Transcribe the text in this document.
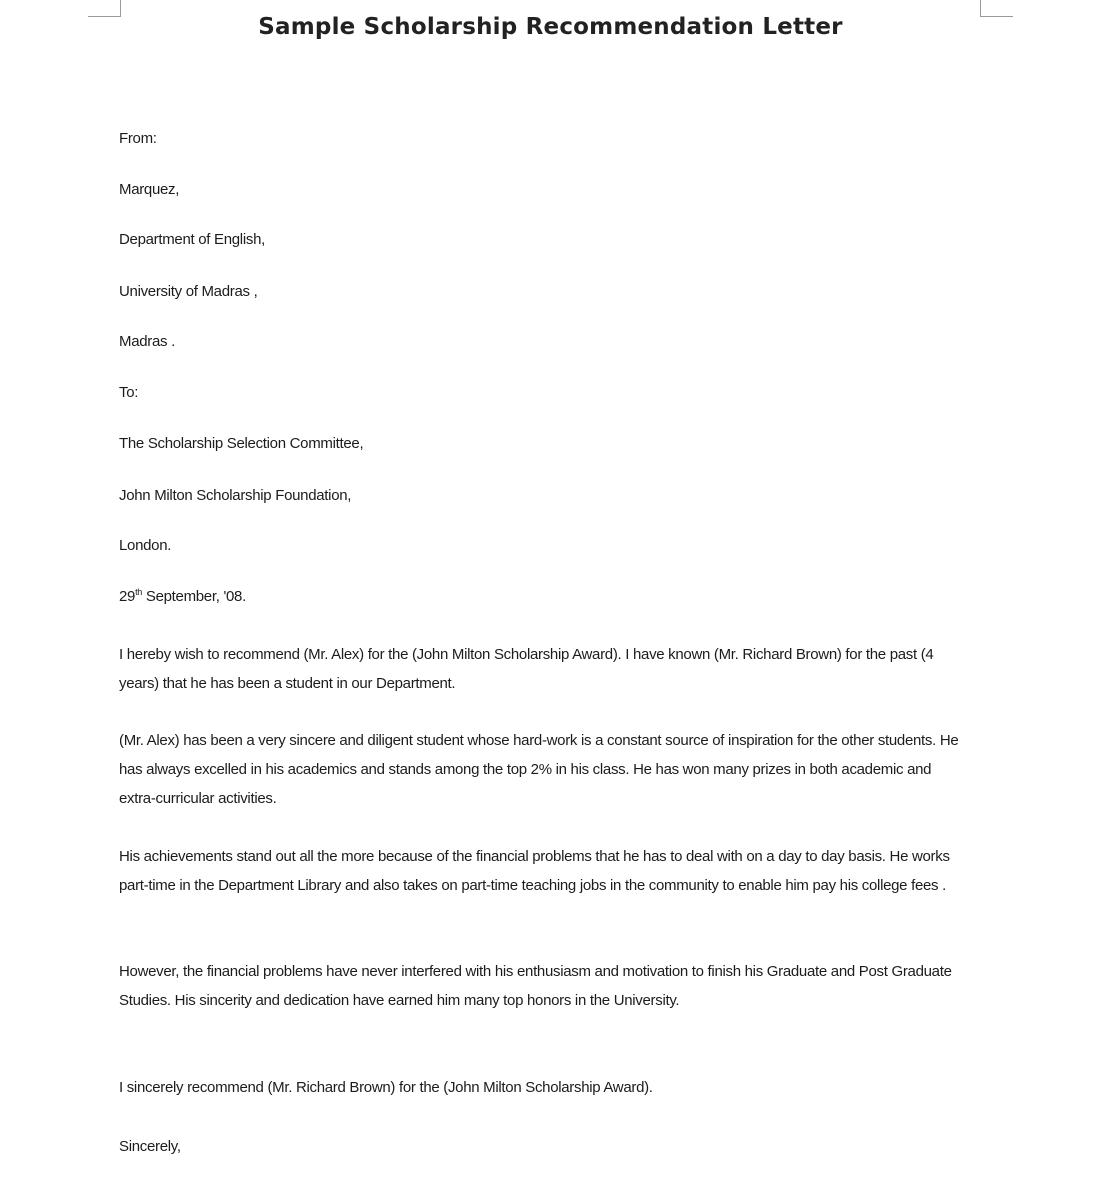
Sample Scholarship Recommendation Letter
From:
Marquez,
Department of English,
University of Madras ,
Madras .
To:
The Scholarship Selection Committee,
John Milton Scholarship Foundation,
London.
29th September, '08.
I hereby wish to recommend (Mr. Alex) for the (John Milton Scholarship Award). I have known (Mr. Richard Brown) for the past (4 years) that he has been a student in our Department.
(Mr. Alex) has been a very sincere and diligent student whose hard-work is a constant source of inspiration for the other students. He has always excelled in his academics and stands among the top 2% in his class. He has won many prizes in both academic and extra-curricular activities.
His achievements stand out all the more because of the financial problems that he has to deal with on a day to day basis. He works part-time in the Department Library and also takes on part-time teaching jobs in the community to enable him pay his college fees .
However, the financial problems have never interfered with his enthusiasm and motivation to finish his Graduate and Post Graduate Studies. His sincerity and dedication have earned him many top honors in the University.
I sincerely recommend (Mr. Richard Brown) for the (John Milton Scholarship Award).
Sincerely,
